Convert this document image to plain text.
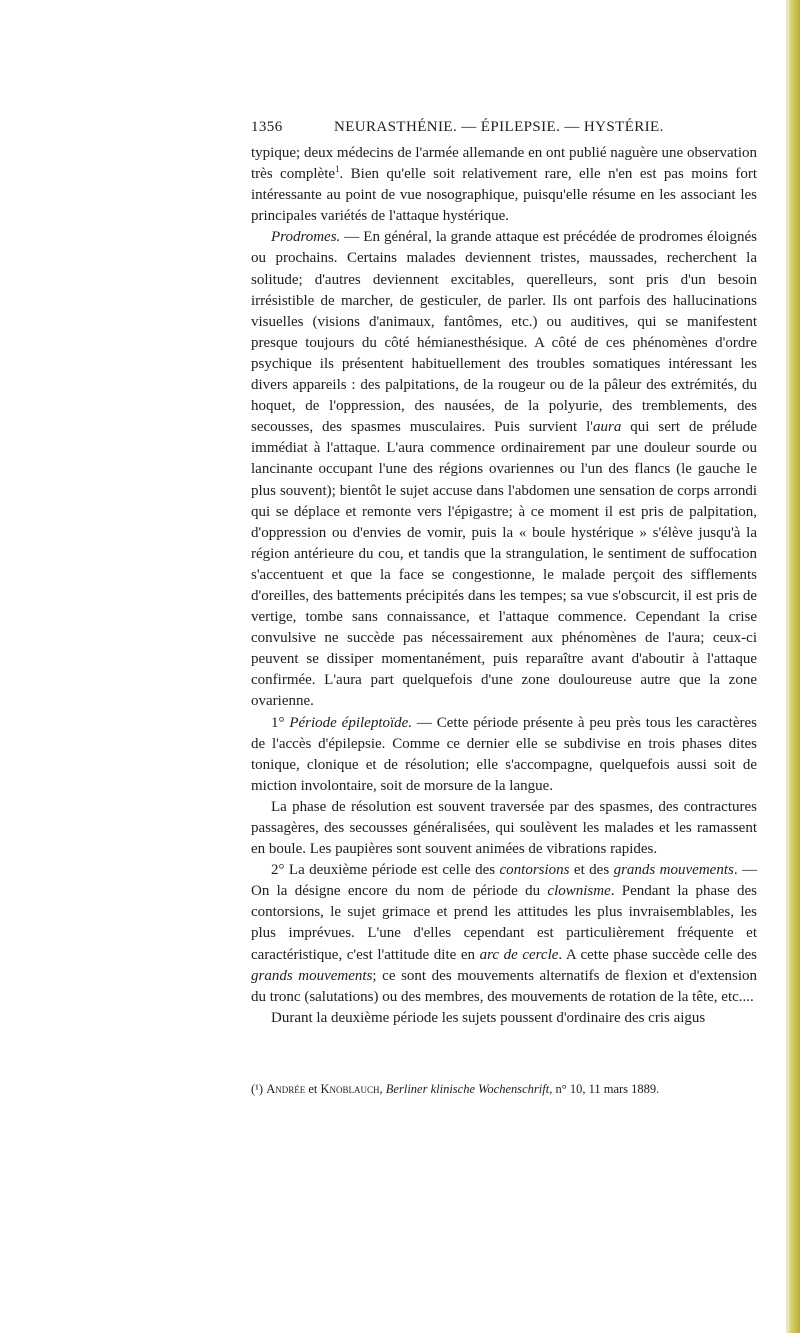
1356	NEURASTHÉNIE. — ÉPILEPSIE. — HYSTÉRIE.

typique; deux médecins de l'armée allemande en ont publié naguère une observation très complète$^1$. Bien qu'elle soit relativement rare, elle n'en est pas moins fort intéressante au point de vue nosographique, puisqu'elle résume en les associant les principales variétés de l'attaque hystérique.

Prodromes. — En général, la grande attaque est précédée de prodromes éloignés ou prochains. Certains malades deviennent tristes, maussades, recherchent la solitude; d'autres deviennent excitables, querelleurs, sont pris d'un besoin irrésistible de marcher, de gesticuler, de parler. Ils ont parfois des hallucinations visuelles (visions d'animaux, fantômes, etc.) ou auditives, qui se manifestent presque toujours du côté hémianesthésique. A côté de ces phénomènes d'ordre psychique ils présentent habituellement des troubles somatiques intéressant les divers appareils : des palpitations, de la rougeur ou de la pâleur des extrémités, du hoquet, de l'oppression, des nausées, de la polyurie, des tremblements, des secousses, des spasmes musculaires. Puis survient l'aura qui sert de prélude immédiat à l'attaque. L'aura commence ordinairement par une douleur sourde ou lancinante occupant l'une des régions ovariennes ou l'un des flancs (le gauche le plus souvent); bientôt le sujet accuse dans l'abdomen une sensation de corps arrondi qui se déplace et remonte vers l'épigastre; à ce moment il est pris de palpitation, d'oppression ou d'envies de vomir, puis la « boule hystérique » s'élève jusqu'à la région antérieure du cou, et tandis que la strangulation, le sentiment de suffocation s'accentuent et que la face se congestionne, le malade perçoit des sifflements d'oreilles, des battements précipités dans les tempes; sa vue s'obscurcit, il est pris de vertige, tombe sans connaissance, et l'attaque commence. Cependant la crise convulsive ne succède pas nécessairement aux phénomènes de l'aura; ceux-ci peuvent se dissiper momentanément, puis reparaître avant d'aboutir à l'attaque confirmée. L'aura part quelquefois d'une zone douloureuse autre que la zone ovarienne.

1° Période épileptoïde. — Cette période présente à peu près tous les caractères de l'accès d'épilepsie. Comme ce dernier elle se subdivise en trois phases dites tonique, clonique et de résolution; elle s'accompagne, quelquefois aussi soit de miction involontaire, soit de morsure de la langue.

La phase de résolution est souvent traversée par des spasmes, des contractures passagères, des secousses généralisées, qui soulèvent les malades et les ramassent en boule. Les paupières sont souvent animées de vibrations rapides.

2° La deuxième période est celle des contorsions et des grands mouvements. — On la désigne encore du nom de période du clownisme. Pendant la phase des contorsions, le sujet grimace et prend les attitudes les plus invraisemblables, les plus imprévues. L'une d'elles cependant est particulièrement fréquente et caractéristique, c'est l'attitude dite en arc de cercle. A cette phase succède celle des grands mouvements; ce sont des mouvements alternatifs de flexion et d'extension du tronc (salutations) ou des membres, des mouvements de rotation de la tête, etc....

Durant la deuxième période les sujets poussent d'ordinaire des cris aigus

(¹) Andrée et Knoblauch, Berliner klinische Wochenschrift, n° 10, 11 mars 1889.
